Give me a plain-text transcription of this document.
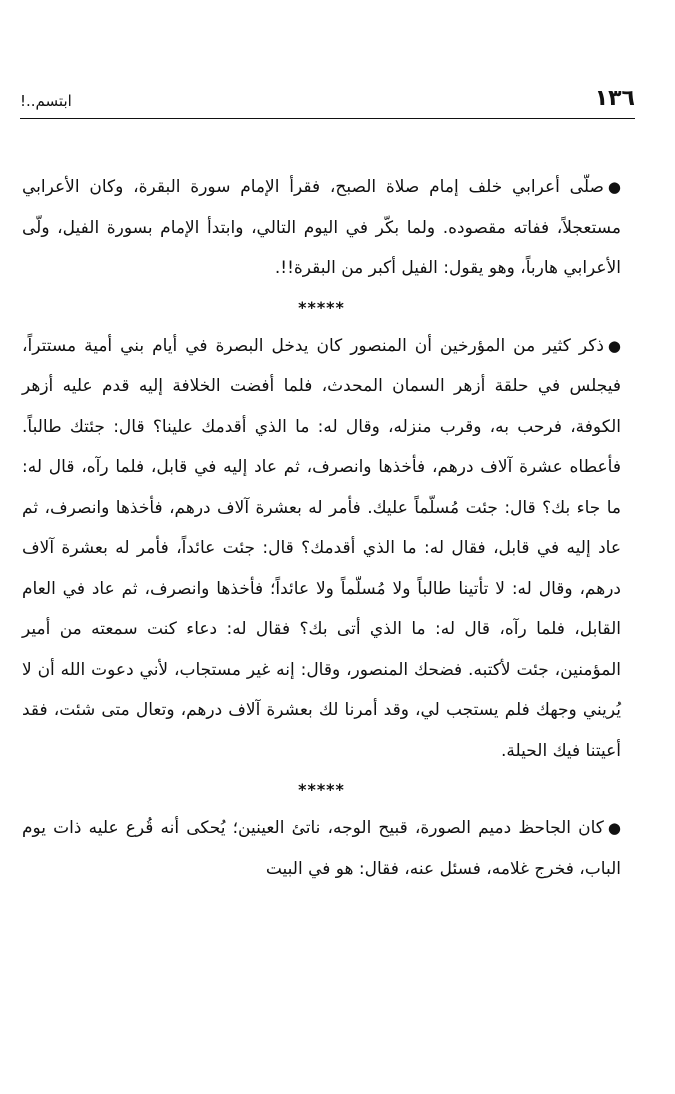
١٣٦
ابتسم..!

●صلّى أعرابي خلف إمام صلاة الصبح، فقرأ الإمام سورة البقرة، وكان الأعرابي مستعجلاً، ففاته مقصوده. ولما بكّر في اليوم التالي، وابتدأ الإمام بسورة الفيل، ولّى الأعرابي هارباً، وهو يقول: الفيل أكبر من البقرة!!.

*****

●ذكر كثير من المؤرخين أن المنصور كان يدخل البصرة في أيام بني أمية مستتراً، فيجلس في حلقة أزهر السمان المحدث، فلما أفضت الخلافة إليه قدم عليه أزهر الكوفة، فرحب به، وقرب منزله، وقال له: ما الذي أقدمك علينا؟ قال: جئتك طالباً. فأعطاه عشرة آلاف درهم، فأخذها وانصرف، ثم عاد إليه في قابل، فلما رآه، قال له: ما جاء بك؟ قال: جئت مُسلّماً عليك. فأمر له بعشرة آلاف درهم، فأخذها وانصرف، ثم عاد إليه في قابل، فقال له: ما الذي أقدمك؟ قال: جئت عائداً، فأمر له بعشرة آلاف درهم، وقال له: لا تأتينا طالباً ولا مُسلّماً ولا عائداً؛ فأخذها وانصرف، ثم عاد في العام القابل، فلما رآه، قال له: ما الذي أتى بك؟ فقال له: دعاء كنت سمعته من أمير المؤمنين، جئت لأكتبه. فضحك المنصور، وقال: إنه غير مستجاب، لأني دعوت الله أن لا يُريني وجهك فلم يستجب لي، وقد أمرنا لك بعشرة آلاف درهم، وتعال متى شئت، فقد أعيتنا فيك الحيلة.

*****

●كان الجاحظ دميم الصورة، قبيح الوجه، ناتئ العينين؛ يُحكى أنه قُرع عليه ذات يوم الباب، فخرج غلامه، فسئل عنه، فقال: هو في البيت
